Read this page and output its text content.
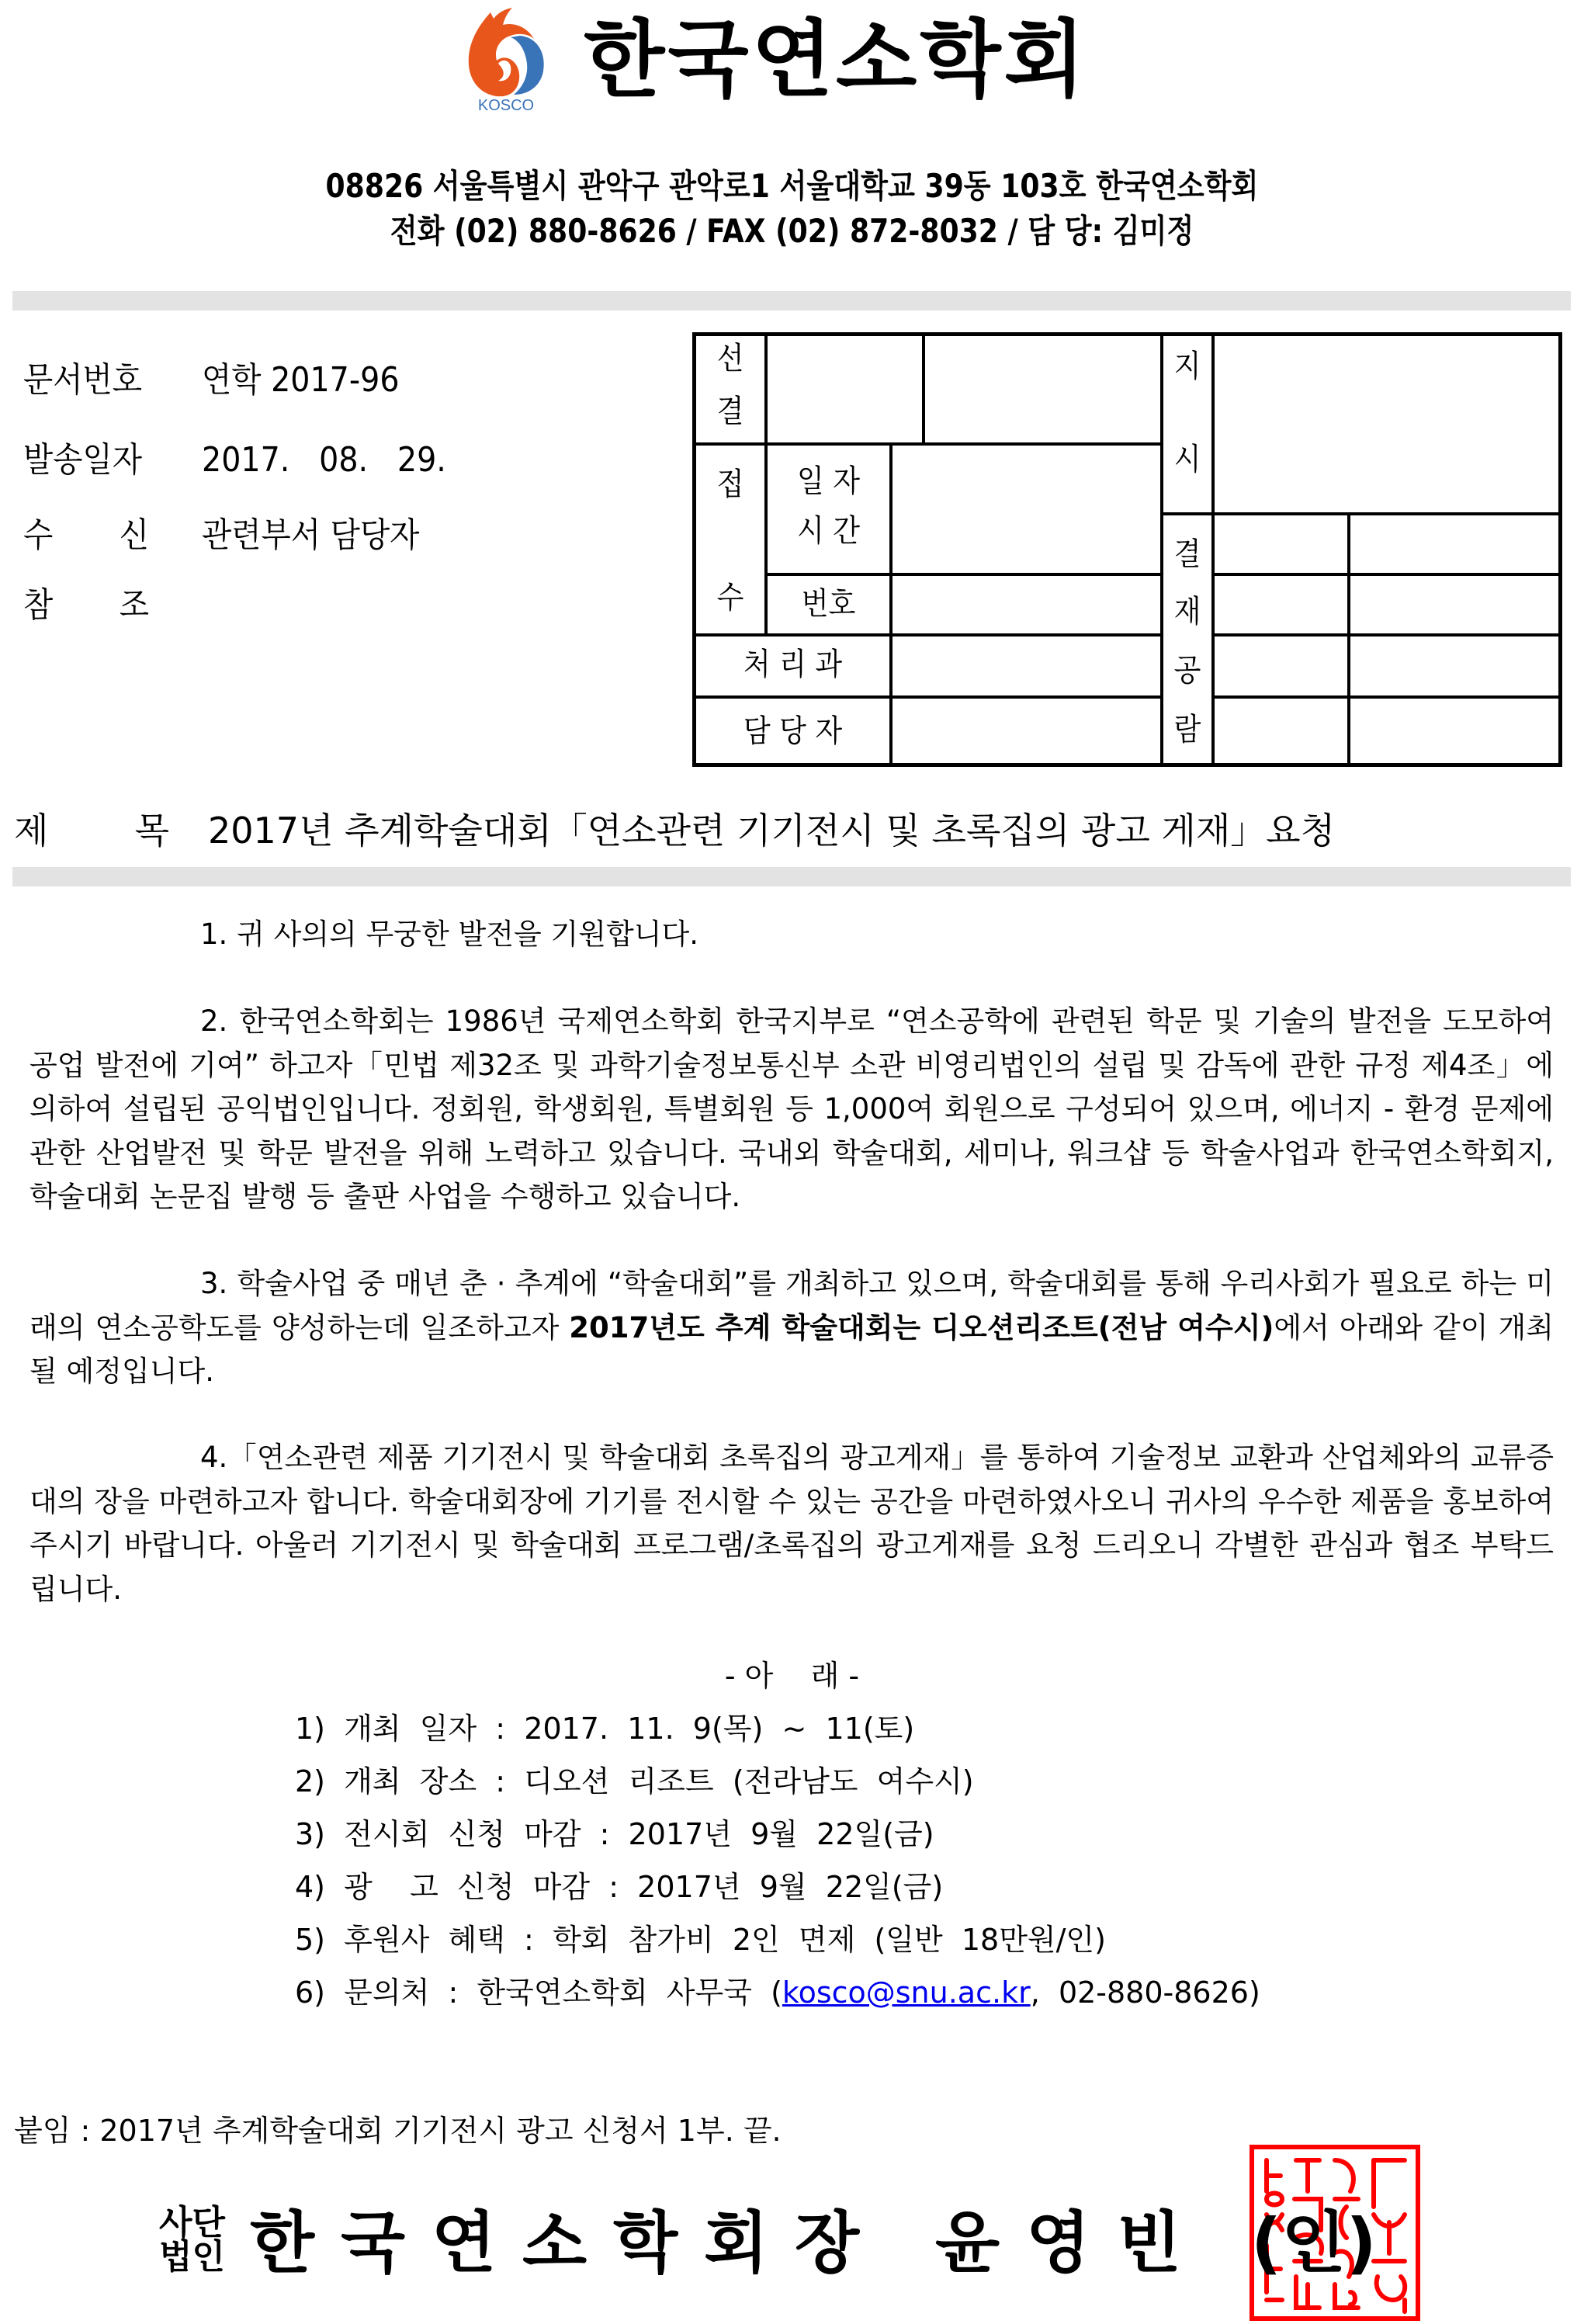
KOSCO 한국연소학회
08826 서울특별시 관악구 관악로1 서울대학교 39동 103호 한국연소학회
전화 (02) 880-8626 / FAX (02) 872-8032 / 담 당: 김미정
문서번호 연학 2017-96
발송일자 2017.   08.   29.
수 신 관련부서 담당자
참 조
선
결
접
수
일 자
시 간
번호
처 리 과
담 당 자
지
시
결
재
공
람
제 목 2017년 추계학술대회「연소관련 기기전시 및 초록집의 광고 게재」요청
1. 귀 사의의 무궁한 발전을 기원합니다.
2. 한국연소학회는 1986년 국제연소학회 한국지부로 “연소공학에 관련된 학문 및 기술의 발전을 도모하여 공업 발전에 기여” 하고자「민법 제32조 및 과학기술정보통신부 소관 비영리법인의 설립 및 감독에 관한 규정 제4조」에 의하여 설립된 공익법인입니다. 정회원, 학생회원, 특별회원 등 1,000여 회원으로 구성되어 있으며, 에너지 - 환경 문제에 관한 산업발전 및 학문 발전을 위해 노력하고 있습니다. 국내외 학술대회, 세미나, 워크샵 등 학술사업과 한국연소학회지, 학술대회 논문집 발행 등 출판 사업을 수행하고 있습니다.
3. 학술사업 중 매년 춘 · 추계에 “학술대회”를 개최하고 있으며, 학술대회를 통해 우리사회가 필요로 하는 미래의 연소공학도를 양성하는데 일조하고자 2017년도 추계 학술대회는 디오션리조트(전남 여수시)에서 아래와 같이 개최될 예정입니다.
4.「연소관련 제품 기기전시 및 학술대회 초록집의 광고게재」를 통하여 기술정보 교환과 산업체와의 교류증대의 장을 마련하고자 합니다. 학술대회장에 기기를 전시할 수 있는 공간을 마련하였사오니 귀사의 우수한 제품을 홍보하여 주시기 바랍니다. 아울러 기기전시 및 학술대회 프로그램/초록집의 광고게재를 요청 드리오니 각별한 관심과 협조 부탁드립니다.
- 아    래 -
1)  개최  일자  :  2017.  11.  9(목)  ~  11(토)
2)  개최  장소  :  디오션  리조트  (전라남도  여수시)
3)  전시회  신청  마감  :  2017년  9월  22일(금)
4)  광    고  신청  마감  :  2017년  9월  22일(금)
5)  후원사  혜택  :  학회  참가비  2인  면제  (일반  18만원/인)
6)  문의처  :  한국연소학회  사무국  (kosco@snu.ac.kr,  02-880-8626)
붙임 : 2017년 추계학술대회 기기전시 광고 신청서 1부. 끝.
사단
법인 한 국 연 소 학 회 장   윤 영 빈 (인)
